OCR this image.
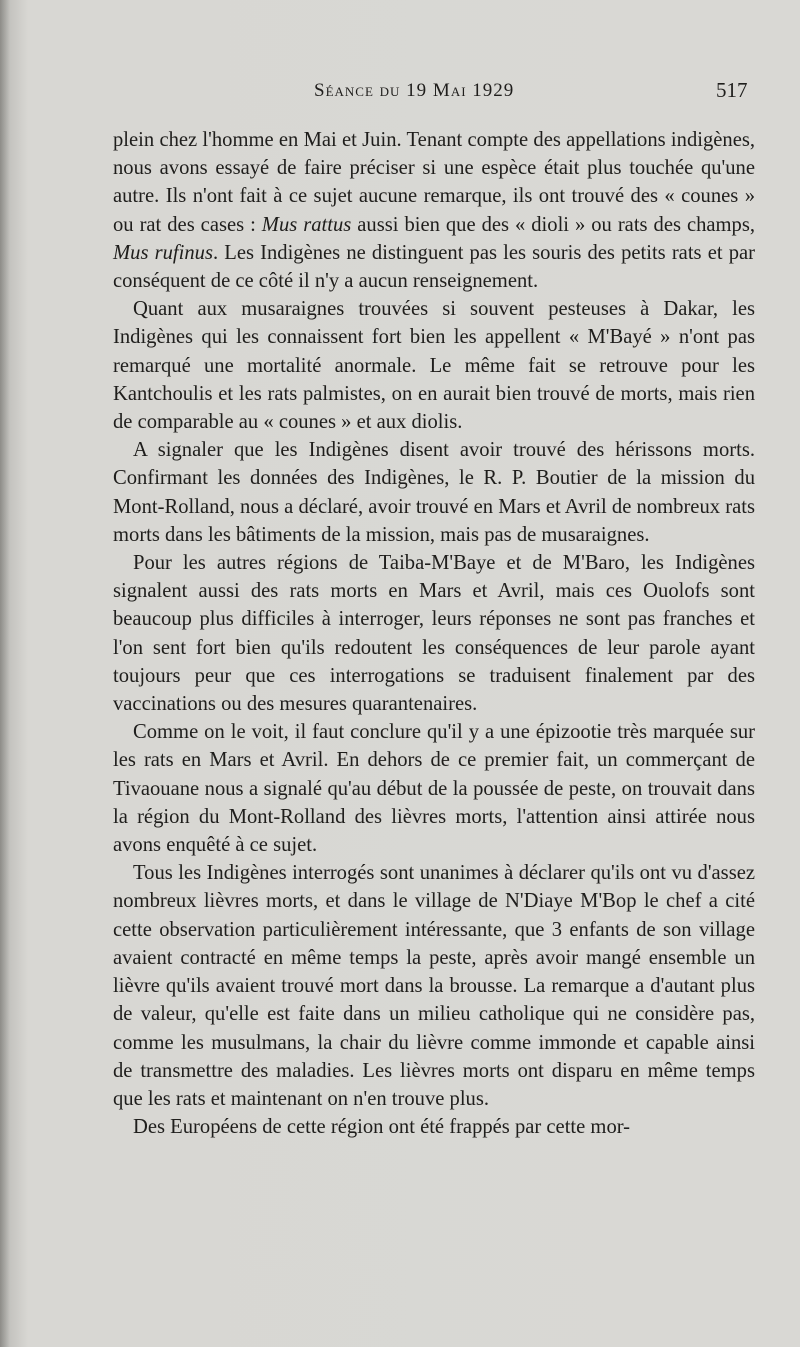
Séance du 19 Mai 1929	517

plein chez l'homme en Mai et Juin. Tenant compte des appellations indigènes, nous avons essayé de faire préciser si une espèce était plus touchée qu'une autre. Ils n'ont fait à ce sujet aucune remarque, ils ont trouvé des « counes » ou rat des cases : Mus rattus aussi bien que des « dioli » ou rats des champs, Mus rufinus. Les Indigènes ne distinguent pas les souris des petits rats et par conséquent de ce côté il n'y a aucun renseignement.

Quant aux musaraignes trouvées si souvent pesteuses à Dakar, les Indigènes qui les connaissent fort bien les appellent « M'Bayé » n'ont pas remarqué une mortalité anormale. Le même fait se retrouve pour les Kantchoulis et les rats palmistes, on en aurait bien trouvé de morts, mais rien de comparable au « counes » et aux diolis.

A signaler que les Indigènes disent avoir trouvé des hérissons morts. Confirmant les données des Indigènes, le R. P. Boutier de la mission du Mont-Rolland, nous a déclaré, avoir trouvé en Mars et Avril de nombreux rats morts dans les bâtiments de la mission, mais pas de musaraignes.

Pour les autres régions de Taiba-M'Baye et de M'Baro, les Indigènes signalent aussi des rats morts en Mars et Avril, mais ces Ouolofs sont beaucoup plus difficiles à interroger, leurs réponses ne sont pas franches et l'on sent fort bien qu'ils redoutent les conséquences de leur parole ayant toujours peur que ces interrogations se traduisent finalement par des vaccinations ou des mesures quarantenaires.

Comme on le voit, il faut conclure qu'il y a une épizootie très marquée sur les rats en Mars et Avril. En dehors de ce premier fait, un commerçant de Tivaouane nous a signalé qu'au début de la poussée de peste, on trouvait dans la région du Mont-Rolland des lièvres morts, l'attention ainsi attirée nous avons enquêté à ce sujet.

Tous les Indigènes interrogés sont unanimes à déclarer qu'ils ont vu d'assez nombreux lièvres morts, et dans le village de N'Diaye M'Bop le chef a cité cette observation particulièrement intéressante, que 3 enfants de son village avaient contracté en même temps la peste, après avoir mangé ensemble un lièvre qu'ils avaient trouvé mort dans la brousse. La remarque a d'autant plus de valeur, qu'elle est faite dans un milieu catholique qui ne considère pas, comme les musulmans, la chair du lièvre comme immonde et capable ainsi de transmettre des maladies. Les lièvres morts ont disparu en même temps que les rats et maintenant on n'en trouve plus.

Des Européens de cette région ont été frappés par cette mor-
